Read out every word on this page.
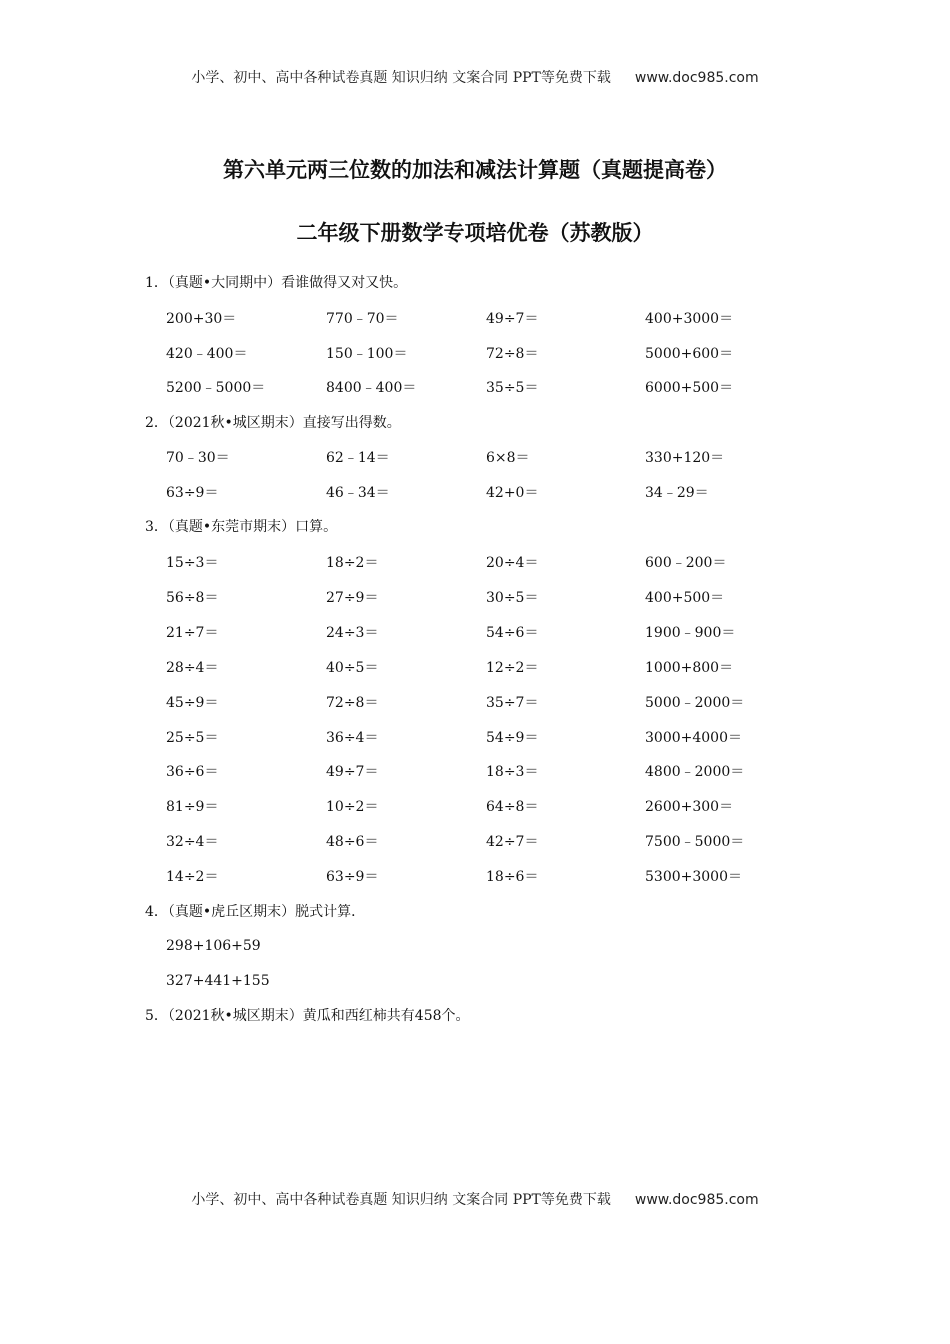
小学、初中、高中各种试卷真题 知识归纳 文案合同 PPT等免费下载 www.doc985.com
第六单元两三位数的加法和减法计算题（真题提高卷）
二年级下册数学专项培优卷（苏教版）
1．（真题•大同期中）看谁做得又对又快。
200+30＝	770﹣70＝	49÷7＝	400+3000＝
420﹣400＝	150﹣100＝	72÷8＝	5000+600＝
5200﹣5000＝	8400﹣400＝	35÷5＝	6000+500＝
2．（2021秋•城区期末）直接写出得数。
70﹣30＝	62﹣14＝	6×8＝	330+120＝
63÷9＝	46﹣34＝	42+0＝	34﹣29＝
3．（真题•东莞市期末）口算。
15÷3＝	18÷2＝	20÷4＝	600﹣200＝
56÷8＝	27÷9＝	30÷5＝	400+500＝
21÷7＝	24÷3＝	54÷6＝	1900﹣900＝
28÷4＝	40÷5＝	12÷2＝	1000+800＝
45÷9＝	72÷8＝	35÷7＝	5000﹣2000＝
25÷5＝	36÷4＝	54÷9＝	3000+4000＝
36÷6＝	49÷7＝	18÷3＝	4800﹣2000＝
81÷9＝	10÷2＝	64÷8＝	2600+300＝
32÷4＝	48÷6＝	42÷7＝	7500﹣5000＝
14÷2＝	63÷9＝	18÷6＝	5300+3000＝
4．（真题•虎丘区期末）脱式计算．
298+106+59
327+441+155
5．（2021秋•城区期末）黄瓜和西红柿共有458个。
小学、初中、高中各种试卷真题 知识归纳 文案合同 PPT等免费下载 www.doc985.com
